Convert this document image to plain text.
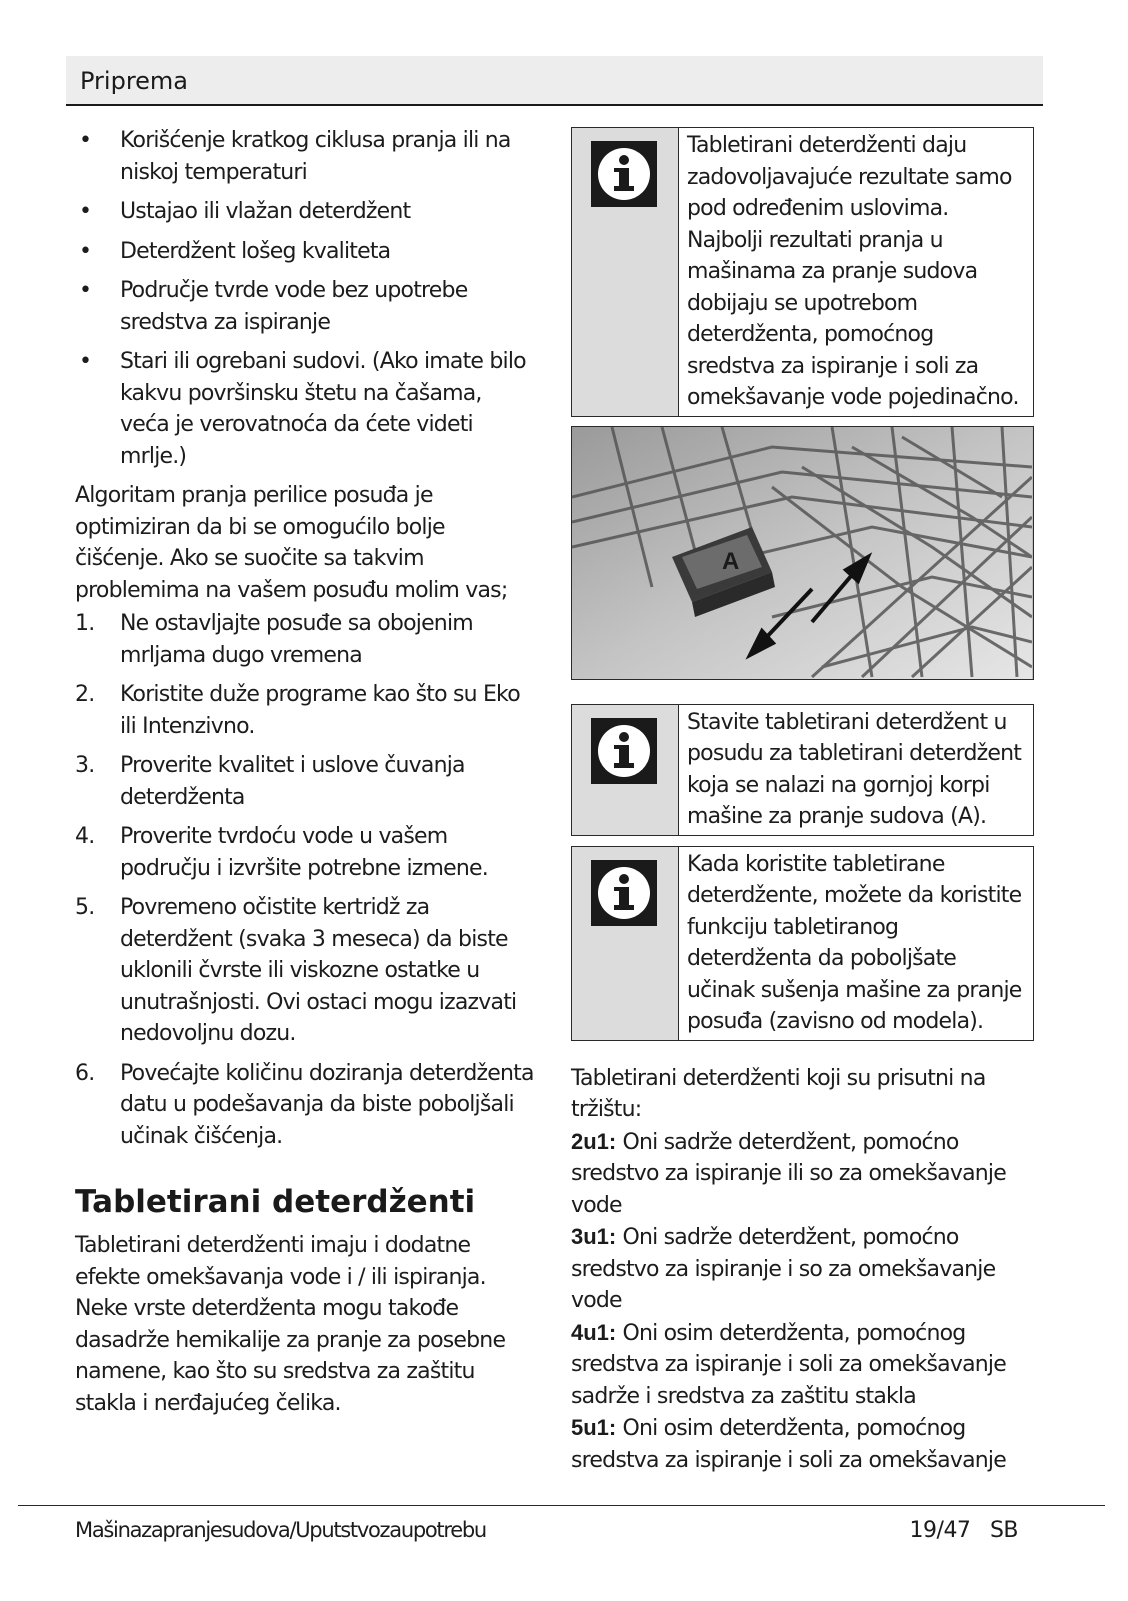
Priprema
• Korišćenje kratkog ciklusa pranja ili na niskoj temperaturi
• Ustajao ili vlažan deterdžent
• Deterdžent lošeg kvaliteta
• Područje tvrde vode bez upotrebe sredstva za ispiranje
• Stari ili ogrebani sudovi. (Ako imate bilo kakvu površinsku štetu na čašama, veća je verovatnoća da ćete videti mrlje.)

Algoritam pranja perilice posuđa je optimiziran da bi se omogućilo bolje čišćenje. Ako se suočite sa takvim problemima na vašem posuđu molim vas;

1. Ne ostavljajte posuđe sa obojenim mrljama dugo vremena
2. Koristite duže programe kao što su Eko ili Intenzivno.
3. Proverite kvalitet i uslove čuvanja deterdženta
4. Proverite tvrdoću vode u vašem području i izvršite potrebne izmene.
5. Povremeno očistite kertridž za deterdžent (svaka 3 meseca) da biste uklonili čvrste ili viskozne ostatke u unutrašnjosti. Ovi ostaci mogu izazvati nedovoljnu dozu.
6. Povećajte količinu doziranja deterdženta datu u podešavanja da biste poboljšali učinak čišćenja.
Tabletirani deterdženti

Tabletirani deterdženti imaju i dodatne efekte omekšavanja vode i / ili ispiranja. Neke vrste deterdženta mogu takođe dasadrže hemikalije za pranje za posebne namene, kao što su sredstva za zaštitu stakla i nerđajućeg čelika.

Tabletirani deterdženti daju zadovoljavajuće rezultate samo pod određenim uslovima. Najbolji rezultati pranja u mašinama za pranje sudova dobijaju se upotrebom deterdženta, pomoćnog sredstva za ispiranje i soli za omekšavanje vode pojedinačno.
A
Stavite tabletirani deterdžent u posudu za tabletirani deterdžent koja se nalazi na gornjoj korpi mašine za pranje sudova (A).
Kada koristite tabletirane deterdžente, možete da koristite funkciju tabletiranog deterdženta da poboljšate učinak sušenja mašine za pranje posuđa (zavisno od modela).

Tabletirani deterdženti koji su prisutni na tržištu:

2u1: Oni sadrže deterdžent, pomoćno sredstvo za ispiranje ili so za omekšavanje vode

3u1: Oni sadrže deterdžent, pomoćno sredstvo za ispiranje i so za omekšavanje vode

4u1: Oni osim deterdženta, pomoćnog sredstva za ispiranje i soli za omekšavanje sadrže i sredstva za zaštitu stakla

5u1: Oni osim deterdženta, pomoćnog sredstva za ispiranje i soli za omekšavanje

Mašinazapranjesudova/Uputstvozaupotrebu	19/47 SB
